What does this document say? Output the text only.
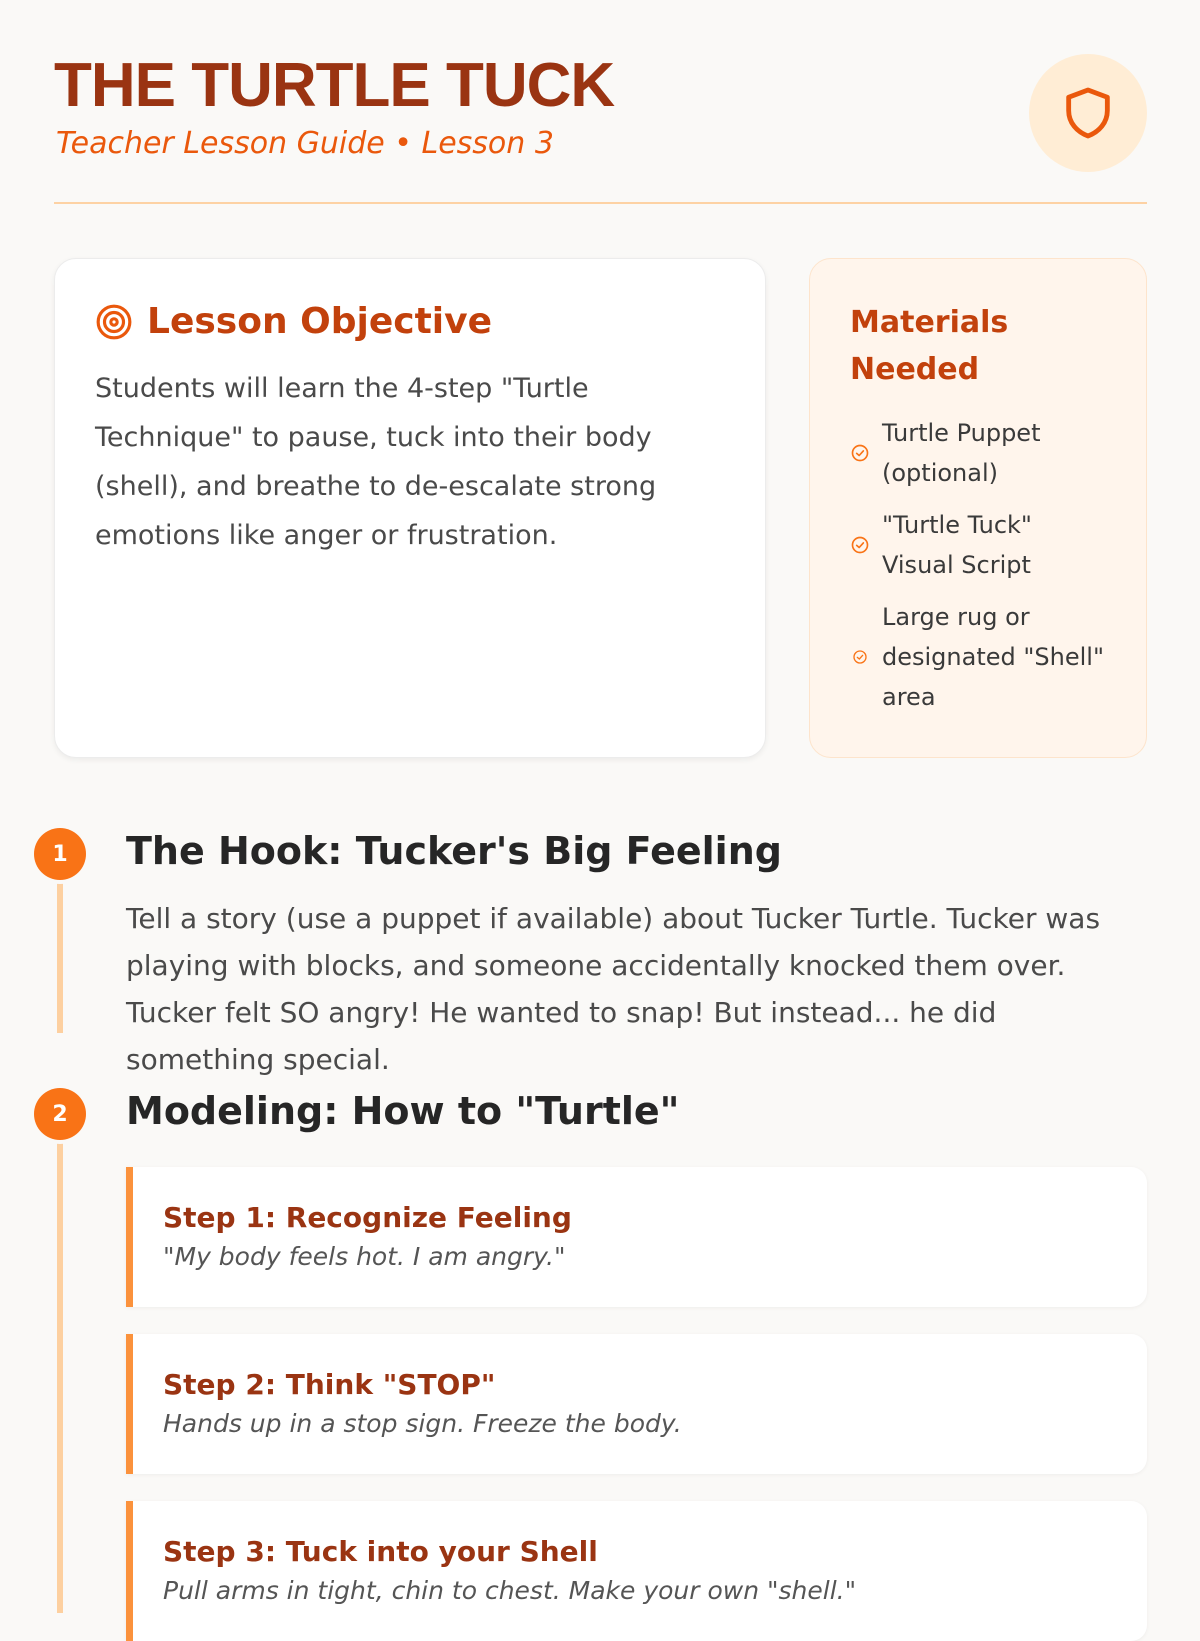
THE TURTLE TUCK
Teacher Lesson Guide • Lesson 3
Lesson Objective
Students will learn the 4-step "Turtle Technique" to pause, tuck into their body (shell), and breathe to de-escalate strong emotions like anger or frustration.
Materials Needed
Turtle Puppet (optional)
"Turtle Tuck" Visual Script
Large rug or designated "Shell" area
1	The Hook: Tucker's Big Feeling
Tell a story (use a puppet if available) about Tucker Turtle. Tucker was playing with blocks, and someone accidentally knocked them over. Tucker felt SO angry! He wanted to snap! But instead... he did something special.
2	Modeling: How to "Turtle"
Step 1: Recognize Feeling
"My body feels hot. I am angry."
Step 2: Think "STOP"
Hands up in a stop sign. Freeze the body.
Step 3: Tuck into your Shell
Pull arms in tight, chin to chest. Make your own "shell."
